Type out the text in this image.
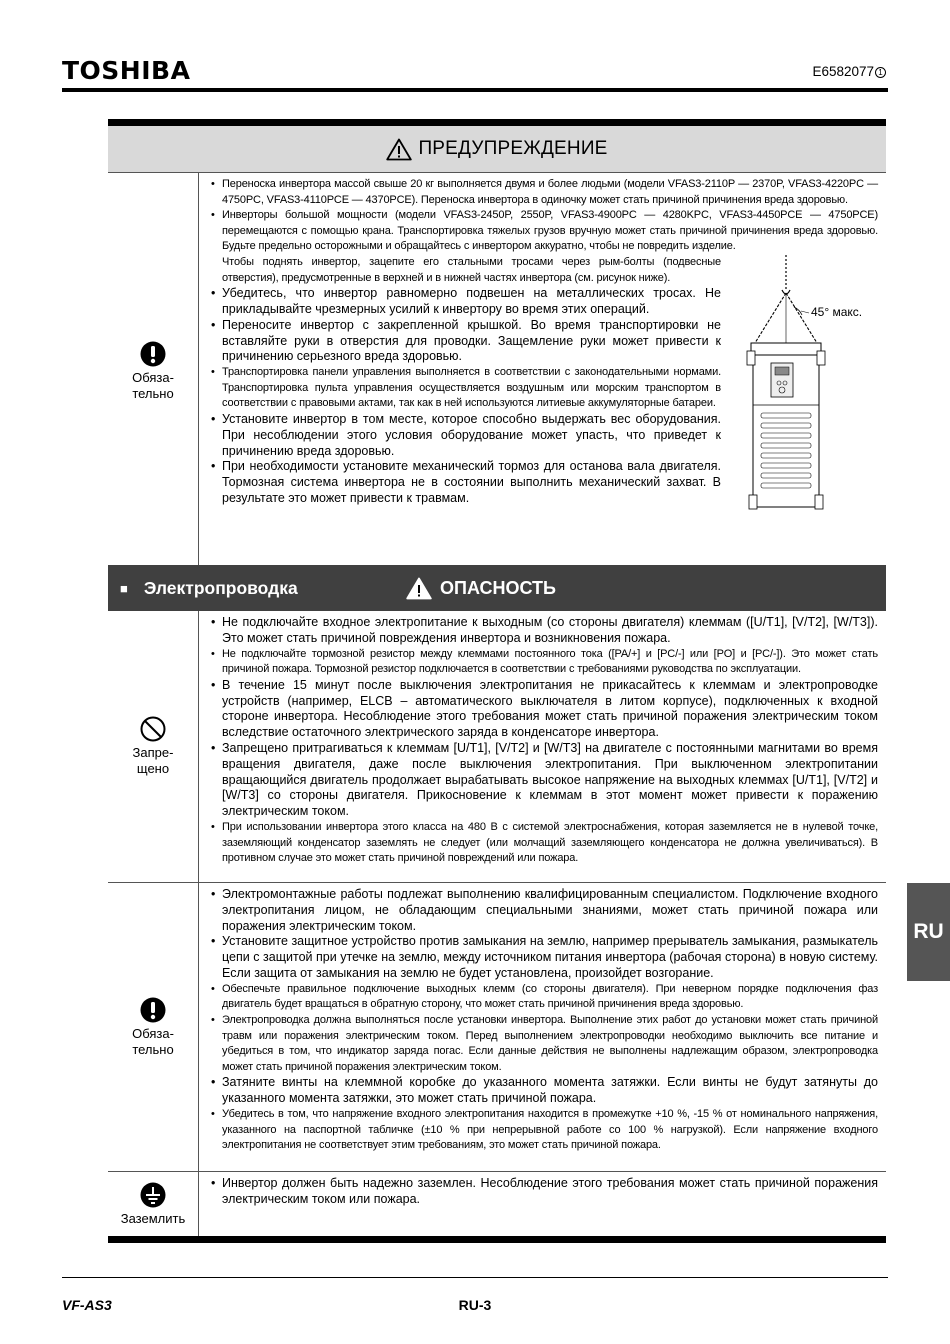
TOSHIBA	E6582077 1
ПРЕДУПРЕЖДЕНИЕ
Обяза-
тельно
• Переноска инвертора массой свыше 20 кг выполняется двумя и более людьми (модели VFAS3-2110P — 2370P, VFAS3-4220PC — 4750PC, VFAS3-4110PCE — 4370PCE). Переноска инвертора в одиночку может стать причиной причинения вреда здоровью.
• Инверторы большой мощности (модели VFAS3-2450P, 2550P, VFAS3-4900PC — 4280KPC, VFAS3-4450PCE — 4750PCE) перемещаются с помощью крана. Транспортировка тяжелых грузов вручную может стать причиной причинения вреда здоровью. Будьте предельно осторожными и обращайтесь с инвертором аккуратно, чтобы не повредить изделие.
Чтобы поднять инвертор, зацепите его стальными тросами через рым-болты (подвесные отверстия), предусмотренные в верхней и в нижней частях инвертора (см. рисунок ниже).
• Убедитесь, что инвертор равномерно подвешен на металлических тросах. Не прикладывайте чрезмерных усилий к инвертору во время этих операций.
• Переносите инвертор с закрепленной крышкой. Во время транспортировки не вставляйте руки в отверстия для проводки. Защемление руки может привести к причинению серьезного вреда здоровью.
• Транспортировка панели управления выполняется в соответствии с законодательными нормами. Транспортировка пульта управления осуществляется воздушным или морским транспортом в соответствии с правовыми актами, так как в ней используются литиевые аккумуляторные батареи.
• Установите инвертор в том месте, которое способно выдержать вес оборудования. При несоблюдении этого условия оборудование может упасть, что приведет к причинению вреда здоровью.
• При необходимости установите механический тормоз для останова вала двигателя. Тормозная система инвертора не в состоянии выполнить механический захват. В результате это может привести к травмам.
45° макс.
■ Электропроводка	ОПАСНОСТЬ
Запре-
щено
• Не подключайте входное электропитание к выходным (со стороны двигателя) клеммам ([U/T1], [V/T2], [W/T3]). Это может стать причиной повреждения инвертора и возникновения пожара.
• Не подключайте тормозной резистор между клеммами постоянного тока ([PA/+] и [PC/-] или [PO] и [PC/-]). Это может стать причиной пожара. Тормозной резистор подключается в соответствии с требованиями руководства по эксплуатации.
• В течение 15 минут после выключения электропитания не прикасайтесь к клеммам и электропроводке устройств (например, ELCB – автоматического выключателя в литом корпусе), подключенных к входной стороне инвертора. Несоблюдение этого требования может стать причиной поражения электрическим током вследствие остаточного электрического заряда в конденсаторе инвертора.
• Запрещено притрагиваться к клеммам [U/T1], [V/T2] и [W/T3] на двигателе с постоянными магнитами во время вращения двигателя, даже после выключения электропитания. При выключенном электропитании вращающийся двигатель продолжает вырабатывать высокое напряжение на выходных клеммах [U/T1], [V/T2] и [W/T3] со стороны двигателя. Прикосновение к клеммам в этот момент может привести к поражению электрическим током.
• При использовании инвертора этого класса на 480 В с системой электроснабжения, которая заземляется не в нулевой точке, заземляющий конденсатор заземлять не следует (или молчащий заземляющего конденсатора не должна увеличиваться). В противном случае это может стать причиной повреждений или пожара.
Обяза-
тельно
• Электромонтажные работы подлежат выполнению квалифицированным специалистом. Подключение входного электропитания лицом, не обладающим специальными знаниями, может стать причиной пожара или поражения электрическим током.
• Установите защитное устройство против замыкания на землю, например прерыватель замыкания, размыкатель цепи с защитой при утечке на землю, между источником питания инвертора (рабочая сторона) в новую систему. Если защита от замыкания на землю не будет установлена, произойдет возгорание.
• Обеспечьте правильное подключение выходных клемм (со стороны двигателя). При неверном порядке подключения фаз двигатель будет вращаться в обратную сторону, что может стать причиной причинения вреда здоровью.
• Электропроводка должна выполняться после установки инвертора. Выполнение этих работ до установки может стать причиной травм или поражения электрическим током. Перед выполнением электропроводки необходимо выключить все питание и убедиться в том, что индикатор заряда погас. Если данные действия не выполнены надлежащим образом, электропроводка может стать причиной поражения электрическим током.
• Затяните винты на клеммной коробке до указанного момента затяжки. Если винты не будут затянуты до указанного момента затяжки, это может стать причиной пожара.
• Убедитесь в том, что напряжение входного электропитания находится в промежутке +10 %, -15 % от номинального напряжения, указанного на паспортной табличке (±10 % при непрерывной работе со 100 % нагрузкой). Если напряжение входного электропитания не соответствует этим требованиям, это может стать причиной пожара.
Заземлить
• Инвертор должен быть надежно заземлен. Несоблюдение этого требования может стать причиной поражения электрическим током или пожара.
RU
VF-AS3	RU-3
